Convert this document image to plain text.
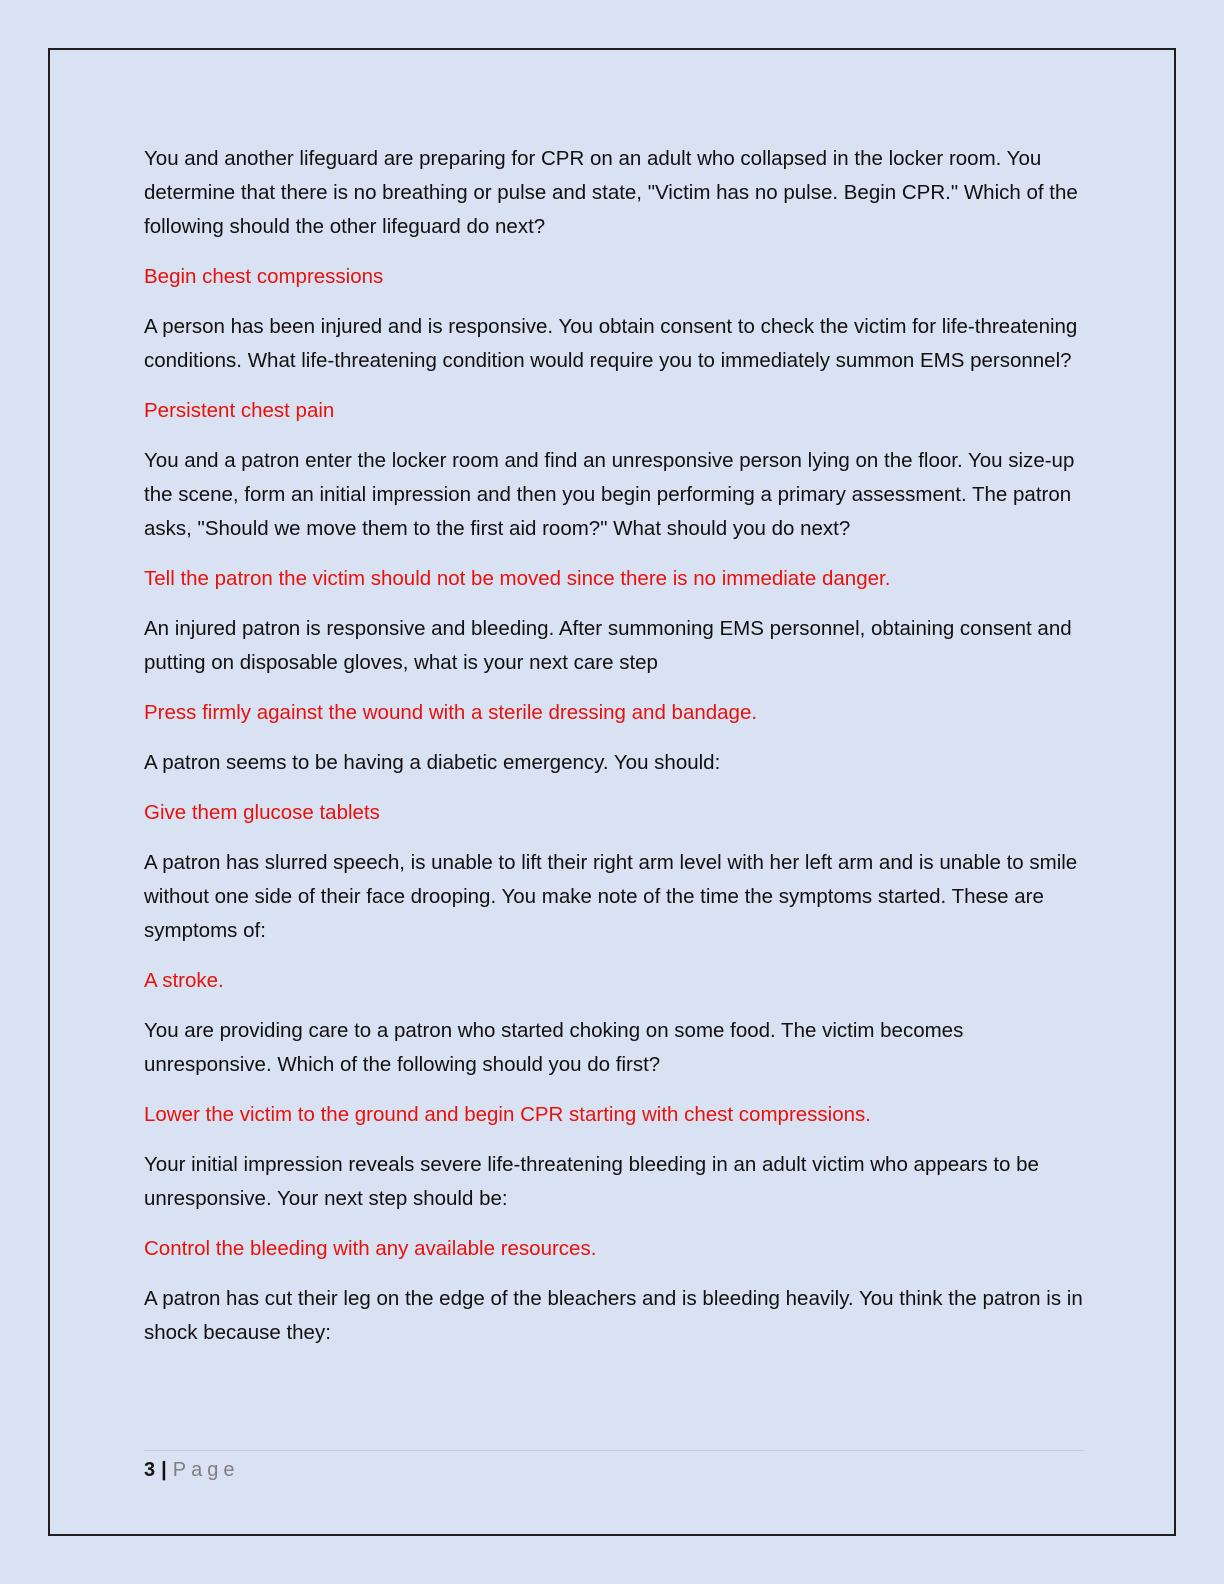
You and another lifeguard are preparing for CPR on an adult who collapsed in the locker room. You determine that there is no breathing or pulse and state, "Victim has no pulse. Begin CPR." Which of the following should the other lifeguard do next?

Begin chest compressions

A person has been injured and is responsive. You obtain consent to check the victim for life-threatening conditions. What life-threatening condition would require you to immediately summon EMS personnel?

Persistent chest pain

You and a patron enter the locker room and find an unresponsive person lying on the floor. You size-up the scene, form an initial impression and then you begin performing a primary assessment. The patron asks, "Should we move them to the first aid room?" What should you do next?

Tell the patron the victim should not be moved since there is no immediate danger.

An injured patron is responsive and bleeding. After summoning EMS personnel, obtaining consent and putting on disposable gloves, what is your next care step

Press firmly against the wound with a sterile dressing and bandage.

A patron seems to be having a diabetic emergency. You should:

Give them glucose tablets

A patron has slurred speech, is unable to lift their right arm level with her left arm and is unable to smile without one side of their face drooping. You make note of the time the symptoms started. These are symptoms of:

A stroke.

You are providing care to a patron who started choking on some food. The victim becomes unresponsive. Which of the following should you do first?

Lower the victim to the ground and begin CPR starting with chest compressions.

Your initial impression reveals severe life-threatening bleeding in an adult victim who appears to be unresponsive. Your next step should be:

Control the bleeding with any available resources.

A patron has cut their leg on the edge of the bleachers and is bleeding heavily. You think the patron is in shock because they:

3 | Page
